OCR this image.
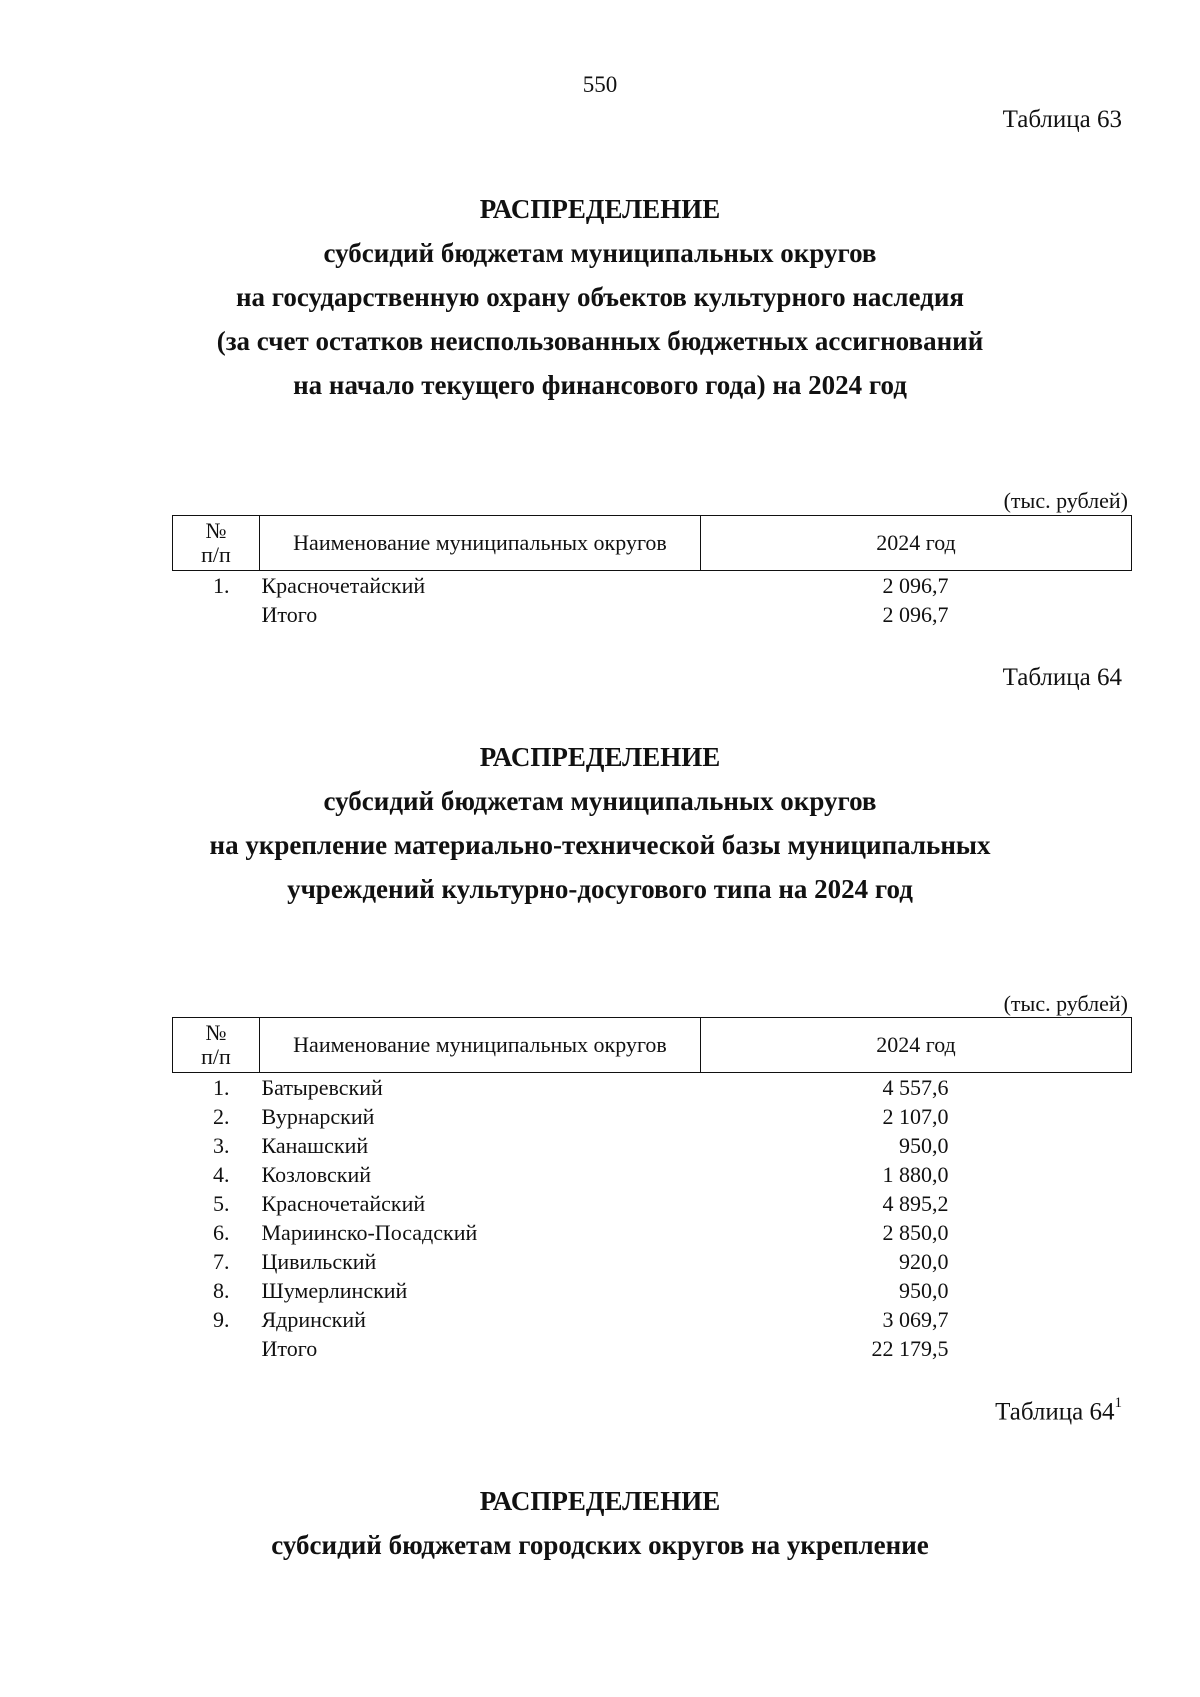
550
Таблица 63
РАСПРЕДЕЛЕНИЕ
субсидий бюджетам муниципальных округов
на государственную охрану объектов культурного наследия
(за счет остатков неиспользованных бюджетных ассигнований
на начало текущего финансового года) на 2024 год
(тыс. рублей)
№
п/п	Наименование муниципальных округов	2024 год
1.	Красночетайский	2 096,7
	Итого	2 096,7
Таблица 64
РАСПРЕДЕЛЕНИЕ
субсидий бюджетам муниципальных округов
на укрепление материально-технической базы муниципальных
учреждений культурно-досугового типа на 2024 год
(тыс. рублей)
№
п/п	Наименование муниципальных округов	2024 год
1.	Батыревский	4 557,6
2.	Вурнарский	2 107,0
3.	Канашский	950,0
4.	Козловский	1 880,0
5.	Красночетайский	4 895,2
6.	Мариинско-Посадский	2 850,0
7.	Цивильский	920,0
8.	Шумерлинский	950,0
9.	Ядринский	3 069,7
	Итого	22 179,5
Таблица $64^1$
РАСПРЕДЕЛЕНИЕ
субсидий бюджетам городских округов на укрепление
